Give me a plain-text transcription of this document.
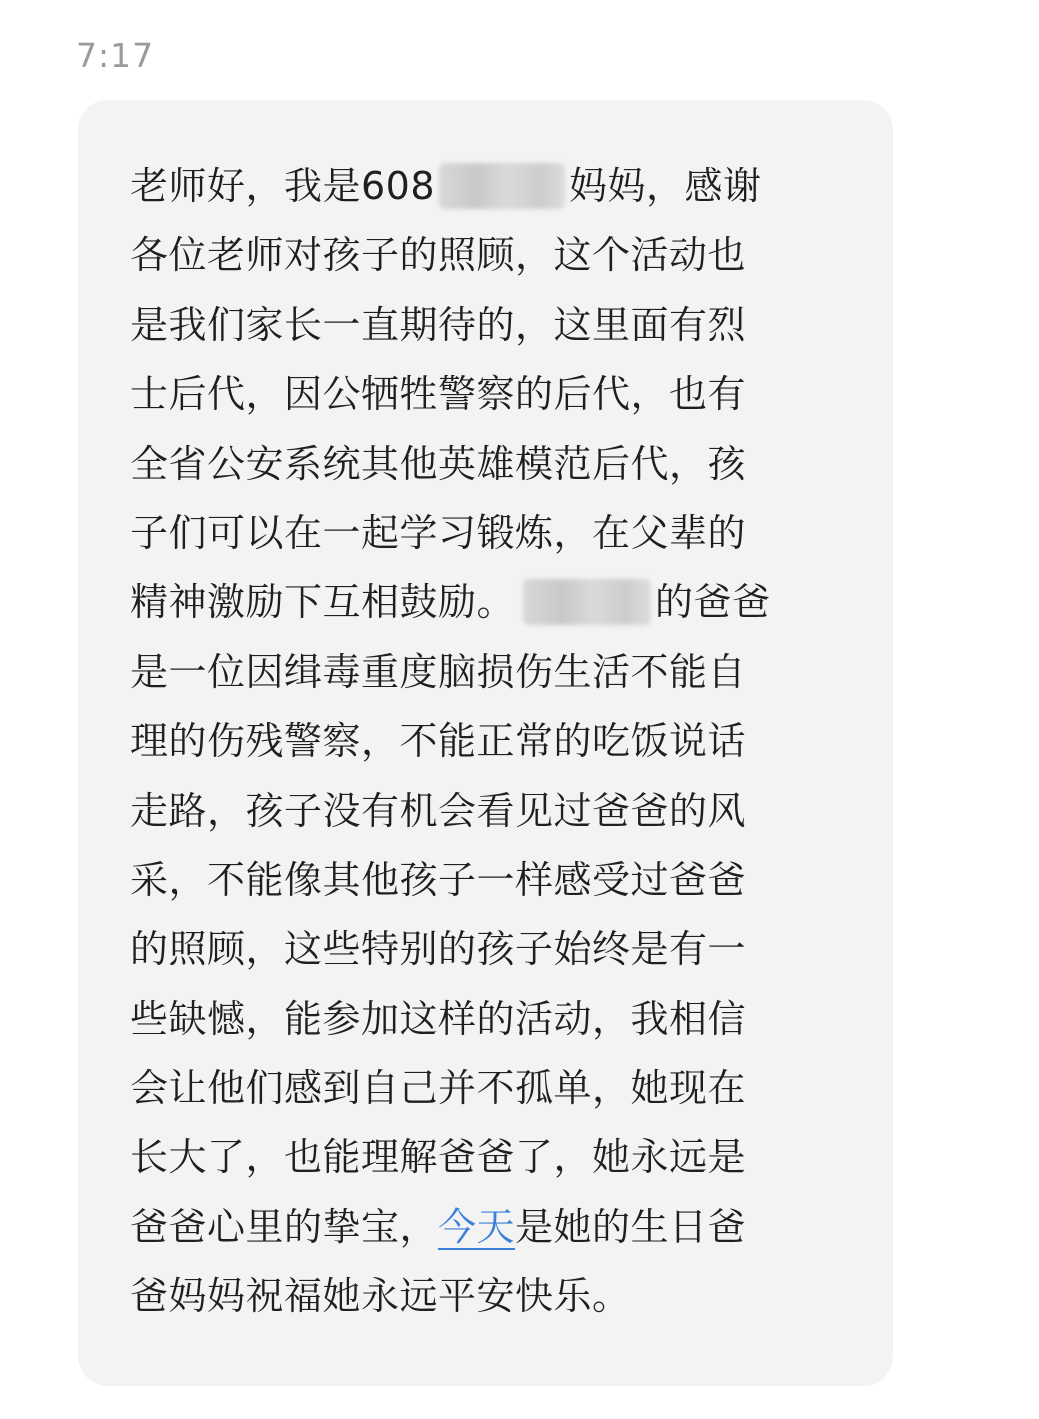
7:17
老师好，我是608	妈妈，感谢
各位老师对孩子的照顾，这个活动也
是我们家长一直期待的，这里面有烈
士后代，因公牺牲警察的后代，也有
全省公安系统其他英雄模范后代，孩
子们可以在一起学习锻炼，在父辈的
精神激励下互相鼓励。	的爸爸
是一位因缉毒重度脑损伤生活不能自
理的伤残警察，不能正常的吃饭说话
走路，孩子没有机会看见过爸爸的风
采，不能像其他孩子一样感受过爸爸
的照顾，这些特别的孩子始终是有一
些缺憾，能参加这样的活动，我相信
会让他们感到自己并不孤单，她现在
长大了，也能理解爸爸了，她永远是
爸爸心里的挚宝，今天是她的生日爸
爸妈妈祝福她永远平安快乐。
